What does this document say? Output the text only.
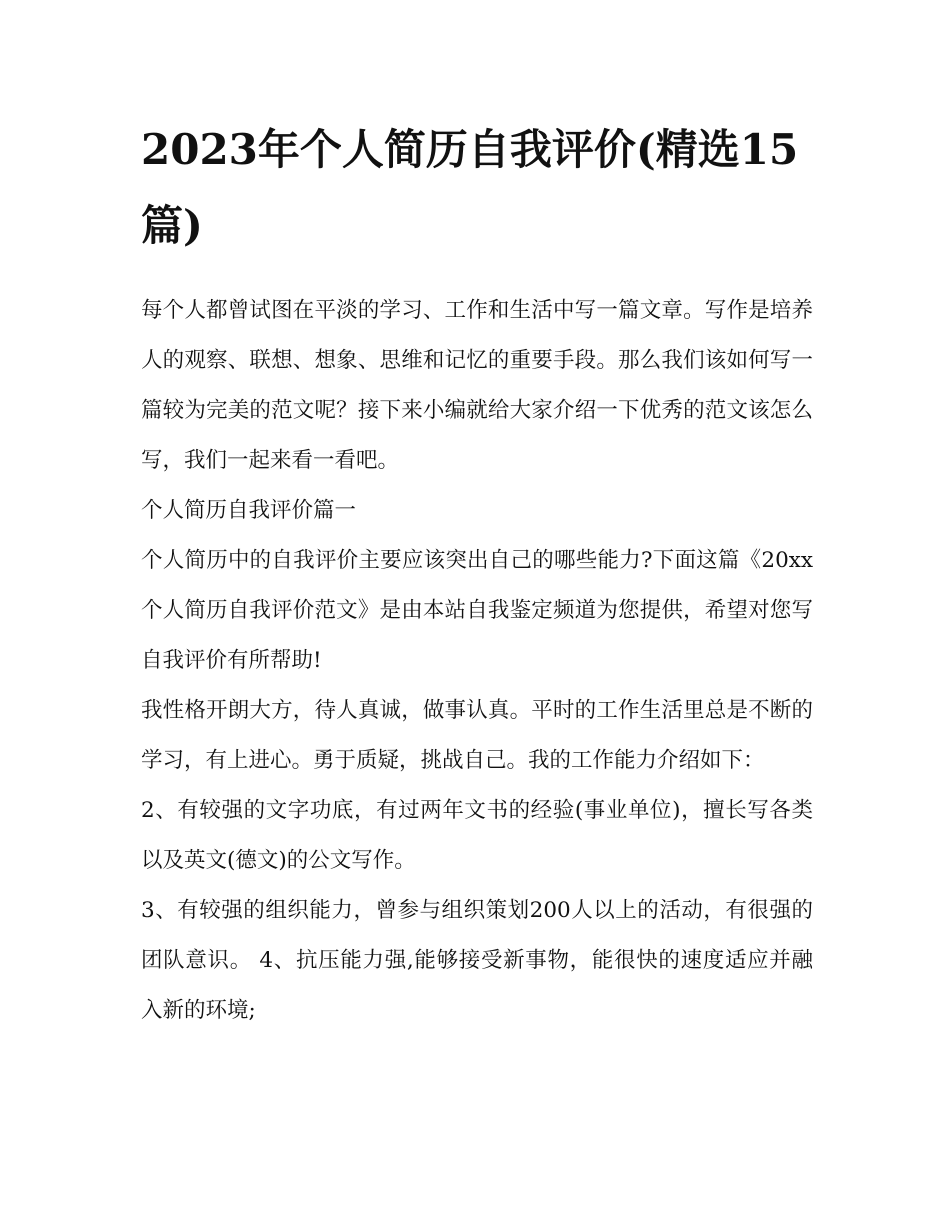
2023年个人简历自我评价(精选15篇)

每个人都曾试图在平淡的学习、工作和生活中写一篇文章。写作是培养人的观察、联想、想象、思维和记忆的重要手段。那么我们该如何写一篇较为完美的范文呢？接下来小编就给大家介绍一下优秀的范文该怎么写，我们一起来看一看吧。

个人简历自我评价篇一

个人简历中的自我评价主要应该突出自己的哪些能力?下面这篇《20xx个人简历自我评价范文》是由本站自我鉴定频道为您提供，希望对您写自我评价有所帮助!

我性格开朗大方，待人真诚，做事认真。平时的工作生活里总是不断的学习，有上进心。勇于质疑，挑战自己。我的工作能力介绍如下：

2、有较强的文字功底，有过两年文书的经验(事业单位)，擅长写各类以及英文(德文)的公文写作。

3、有较强的组织能力，曾参与组织策划200人以上的活动，有很强的团队意识。 4、抗压能力强,能够接受新事物，能很快的速度适应并融入新的环境;
